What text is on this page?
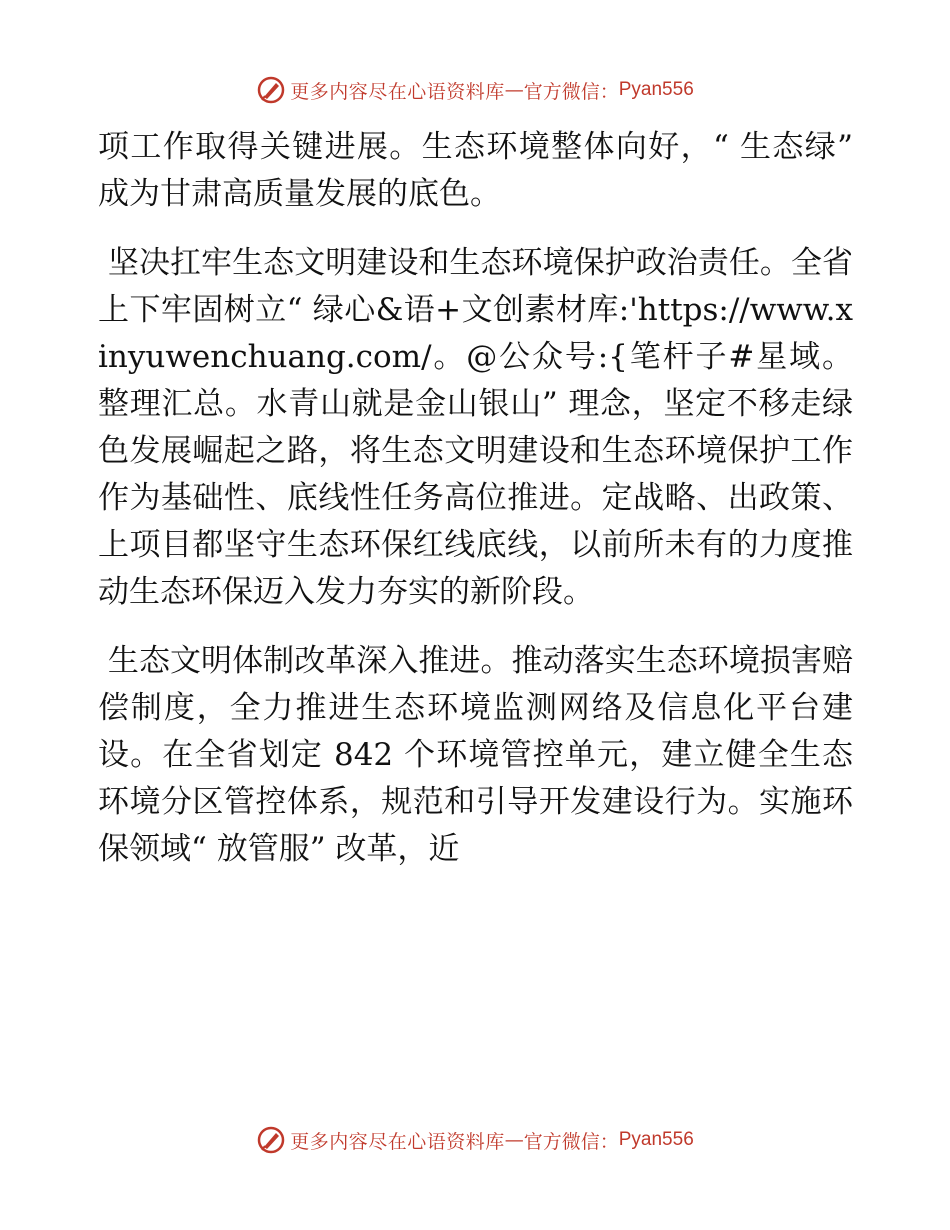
更多内容尽在心语资料库 — 官方微信： Pyan556

项工作取得关键进展。生态环境整体向好，“ 生态绿” 成为甘肃高质量发展的底色。

坚决扛牢生态文明建设和生态环境保护政治责任。全省上下牢固树立“ 绿心&语+文创素材库:'https://www.xinyuwenchuang.com/。@公众号:{笔杆子#星域。整理汇总。水青山就是金山银山” 理念，坚定不移走绿色发展崛起之路，将生态文明建设和生态环境保护工作作为基础性、底线性任务高位推进。定战略、出政策、上项目都坚守生态环保红线底线，以前所未有的力度推动生态环保迈入发力夯实的新阶段。

生态文明体制改革深入推进。推动落实生态环境损害赔偿制度，全力推进生态环境监测网络及信息化平台建设。在全省划定 842 个环境管控单元，建立健全生态环境分区管控体系，规范和引导开发建设行为。实施环保领域“ 放管服” 改革，近

更多内容尽在心语资料库 — 官方微信： Pyan556
